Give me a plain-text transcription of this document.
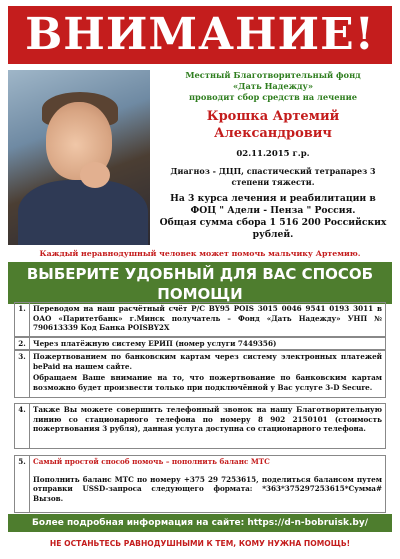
ВНИМАНИЕ!
Местный Благотворительный фонд
«Дать Надежду»
проводит сбор средств на лечение
Крошка Артемий
Александрович
02.11.2015 г.р.
Диагноз - ДЦП, спастический тетрапарез 3 степени тяжести.
На 3 курса лечения и реабилитации в
ФОЦ " Адели - Пенза " Россия.
Общая сумма сбора 1 516 200 Российских рублей.
Каждый неравнодушный человек может помочь мальчику Артемию.
ВЫБЕРИТЕ УДОБНЫЙ ДЛЯ ВАС СПОСОБ
ПОМОЩИ
1.	Переводом на наш расчётный счёт Р/С BY95 POIS 3015 0046 9541 0193 3011 в ОАО «Паритетбанк» г.Минск получатель – Фонд «Дать Надежду» УНП № 790613339 Код Банка POISBY2X
2.	Через платёжную систему ЕРИП (номер услуги 7449356)
3.	Пожертвованием по банковским картам через систему электронных платежей bePaid на нашем сайте.
Обращаем Ваше внимание на то, что пожертвование по банковским картам возможно будет произвести только при подключённой у Вас услуге 3-D Secure.
4.	Также Вы можете совершить телефонный звонок на нашу Благотворительную линию со стационарного телефона по номеру 8 902 2150101 (стоимость пожертвования 3 рубля), данная услуга доступна со стационарного телефона.
5.	Самый простой способ помочь – пополнить баланс МТС
Пополнить баланс МТС по номеру +375 29 7253615, поделиться балансом путем отправки USSD-запроса следующего формата: *363*375297253615*Сумма# Вызов.
Более подробная информация на сайте: https://d-n-bobruisk.by/
НЕ ОСТАНЬТЕСЬ РАВНОДУШНЫМИ К ТЕМ, КОМУ НУЖНА ПОМОЩЬ!
